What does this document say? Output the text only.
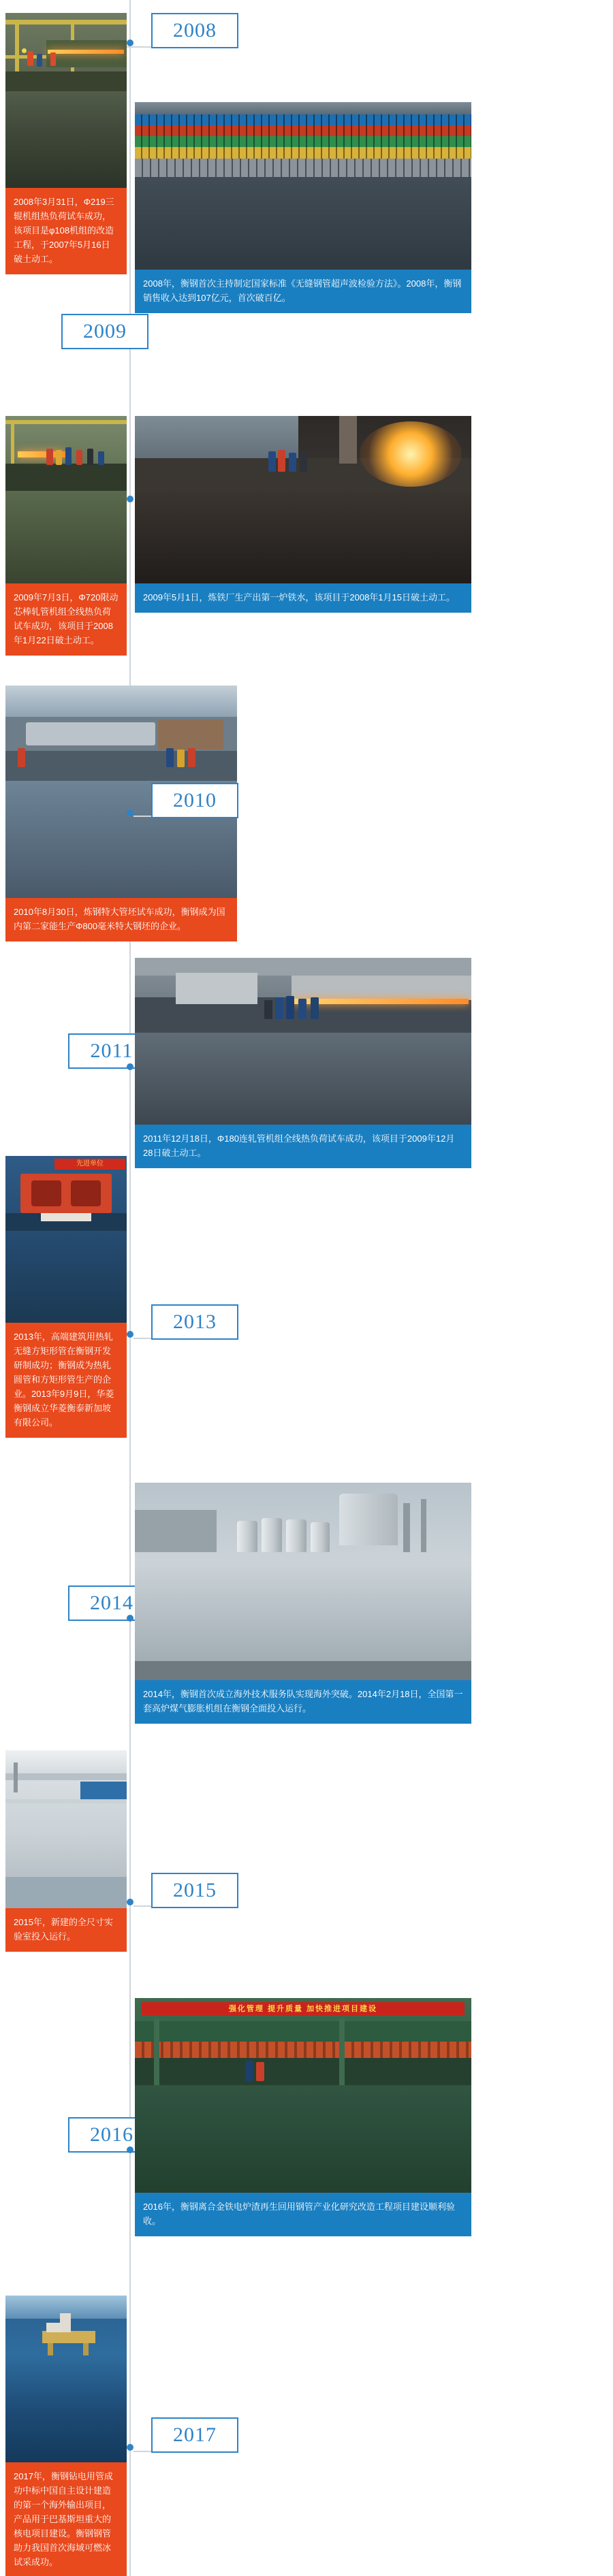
2008年3月31日，Φ219三辊机组热负荷试车成功，该项目是φ108机组的改造工程，于2007年5月16日破土动工。
2008
2008年，衡钢首次主持制定国家标准《无缝钢管超声波检验方法》。2008年，衡钢销售收入达到107亿元，首次破百亿。
2009
2009年7月3日，Φ720限动芯棒轧管机组全线热负荷试车成功，该项目于2008年1月22日破土动工。
2009年5月1日，炼铁厂生产出第一炉铁水，该项目于2008年1月15日破土动工。
2010年8月30日，炼钢特大管坯试车成功，衡钢成为国内第二家能生产Φ800毫米特大钢坯的企业。
2010
2011
2011年12月18日，Φ180连轧管机组全线热负荷试车成功，该项目于2009年12月28日破土动工。
先进单位
2013年，高端建筑用热轧无缝方矩形管在衡钢开发研制成功；衡钢成为热轧圆管和方矩形管生产的企业。2013年9月9日，华菱衡钢成立华菱衡泰新加坡有限公司。
2013
2014
2014年，衡钢首次成立海外技术服务队实现海外突破。2014年2月18日，全国第一套高炉煤气膨胀机组在衡钢全面投入运行。
2015年，新建的全尺寸实验室投入运行。
2015
2016
强化管理 提升质量 加快推进项目建设
2016年，衡钢离合金铁电炉渣再生回用钢管产业化研究改造工程项目建设顺利验收。
2017年，衡钢钻电用管成功中标中国自主设计建造的第一个海外输出项目，产品用于巴基斯坦重大的核电项目建设。衡钢钢管助力我国首次海域可燃冰试采成功。
2017
